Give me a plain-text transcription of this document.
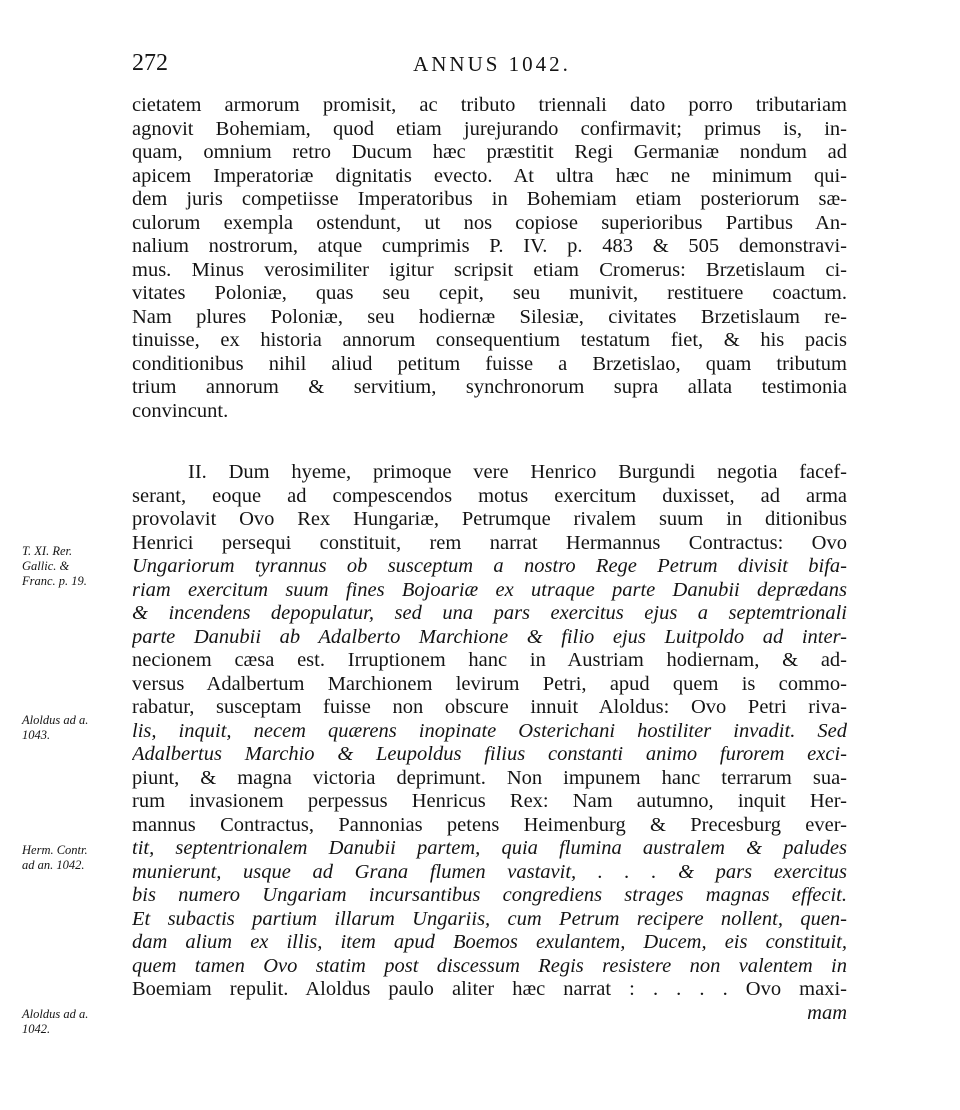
272	ANNUS 1042.
cietatem armorum promisit, ac tributo triennali dato porro tributariam
agnovit Bohemiam, quod etiam jurejurando confirmavit; primus is, in-
quam, omnium retro Ducum hæc præstitit Regi Germaniæ nondum ad
apicem Imperatoriæ dignitatis evecto. At ultra hæc ne minimum qui-
dem juris competiisse Imperatoribus in Bohemiam etiam posteriorum sæ-
culorum exempla ostendunt, ut nos copiose superioribus Partibus An-
nalium nostrorum, atque cumprimis P. IV. p. 483 & 505 demonstravi-
mus. Minus verosimiliter igitur scripsit etiam Cromerus: Brzetislaum ci-
vitates Poloniæ, quas seu cepit, seu munivit, restituere coactum.
Nam plures Poloniæ, seu hodiernæ Silesiæ, civitates Brzetislaum re-
tinuisse, ex historia annorum consequentium testatum fiet, & his pacis
conditionibus nihil aliud petitum fuisse a Brzetislao, quam tributum
trium annorum & servitium, synchronorum supra allata testimonia
convincunt.
II. Dum hyeme, primoque vere Henrico Burgundi negotia facef-
serant, eoque ad compescendos motus exercitum duxisset, ad arma
provolavit Ovo Rex Hungariæ, Petrumque rivalem suum in ditionibus
Henrici persequi constituit, rem narrat Hermannus Contractus: Ovo
Ungariorum tyrannus ob susceptum a nostro Rege Petrum divisit bifa-
riam exercitum suum fines Bojoariæ ex utraque parte Danubii deprædans
& incendens depopulatur, sed una pars exercitus ejus a septemtrionali
parte Danubii ab Adalberto Marchione & filio ejus Luitpoldo ad inter-
necionem cæsa est. Irruptionem hanc in Austriam hodiernam, & ad-
versus Adalbertum Marchionem levirum Petri, apud quem is commo-
rabatur, susceptam fuisse non obscure innuit Aloldus: Ovo Petri riva-
lis, inquit, necem quærens inopinate Osterichani hostiliter invadit. Sed
Adalbertus Marchio & Leupoldus filius constanti animo furorem exci-
piunt, & magna victoria deprimunt. Non impunem hanc terrarum sua-
rum invasionem perpessus Henricus Rex: Nam autumno, inquit Her-
mannus Contractus, Pannonias petens Heimenburg & Precesburg ever-
tit, septentrionalem Danubii partem, quia flumina australem & paludes
munierunt, usque ad Grana flumen vastavit, . . . & pars exercitus
bis numero Ungariam incursantibus congrediens strages magnas effecit.
Et subactis partium illarum Ungariis, cum Petrum recipere nollent, quen-
dam alium ex illis, item apud Boemos exulantem, Ducem, eis constituit,
quem tamen Ovo statim post discessum Regis resistere non valentem in
Boemiam repulit. Aloldus paulo aliter hæc narrat : . . . . Ovo maxi-
mam
T. XI. Rer.
Gallic. &
Franc. p. 19.
Aloldus ad a.
1043.
Herm. Contr.
ad an. 1042.
Aloldus ad a.
1042.
